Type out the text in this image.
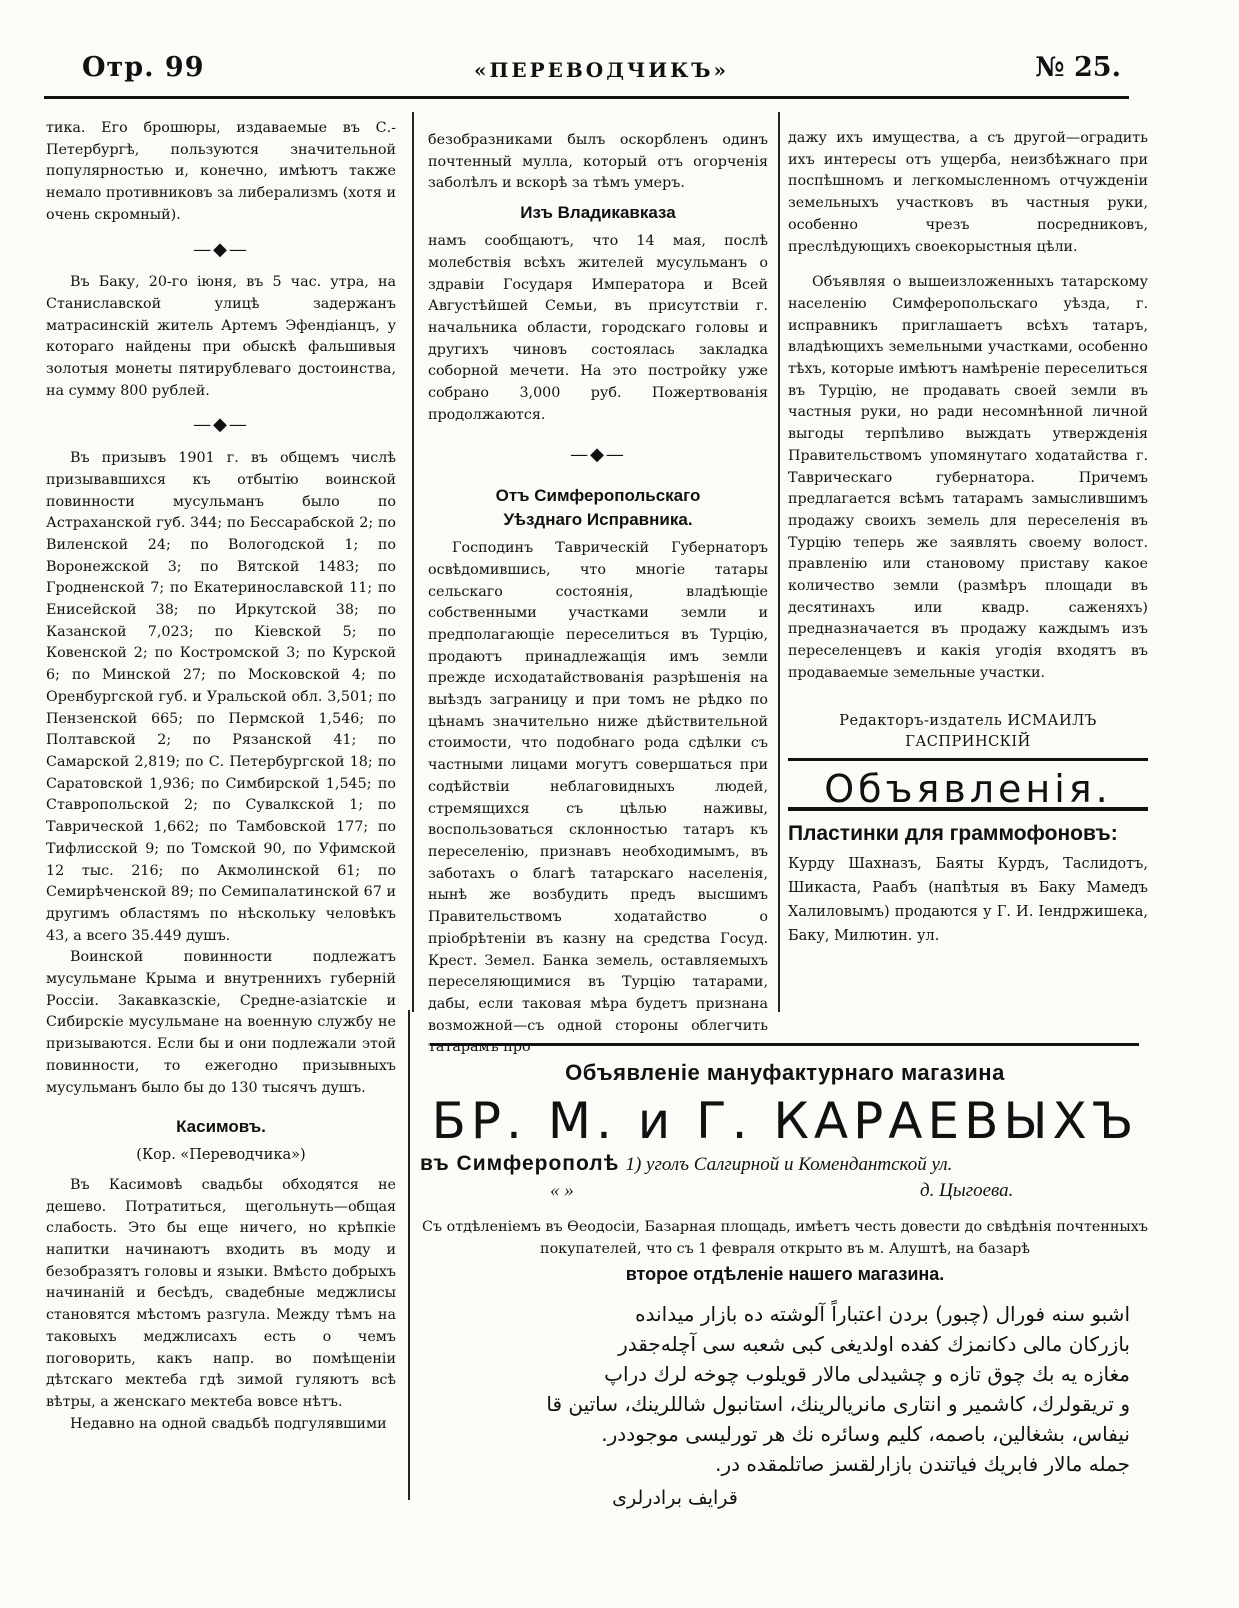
Отр. 99	«ПЕРЕВОДЧИКЪ»	№ 25.

тика. Его брошюры, издаваемые въ С.-Петербургѣ, пользуются значительной популярностью и, конечно, имѣютъ также немало противниковъ за либерализмъ (хотя и очень скромный).

—◆—

Въ Баку, 20-го іюня, въ 5 час. утра, на Станиславской улицѣ задержанъ матрасинскій житель Артемъ Эфендіанцъ, у котораго найдены при обыскѣ фальшивыя золотыя монеты пятирублеваго достоинства, на сумму 800 рублей.

—◆—

Въ призывъ 1901 г. въ общемъ числѣ призывавшихся къ отбытію воинской повинности мусульманъ было по Астраханской губ. 344; по Бессарабской 2; по Виленской 24; по Вологодской 1; по Воронежской 3; по Вятской 1483; по Гродненской 7; по Екатеринославской 11; по Енисейской 38; по Иркутской 38; по Казанской 7,023; по Кіевской 5; по Ковенской 2; по Костромской 3; по Курской 6; по Минской 27; по Московской 4; по Оренбургской губ. и Уральской обл. 3,501; по Пензенской 665; по Пермской 1,546; по Полтавской 2; по Рязанской 41; по Самарской 2,819; по С. Петербургской 18; по Саратовской 1,936; по Симбирской 1,545; по Ставропольской 2; по Сувалкской 1; по Таврической 1,662; по Тамбовской 177; по Тифлисской 9; по Томской 90, по Уфимской 12 тыс. 216; по Акмолинской 61; по Семирѣченской 89; по Семипалатинской 67 и другимъ областямъ по нѣскольку человѣкъ 43, а всего 35.449 душъ.

Воинской повинности подлежатъ мусульмане Крыма и внутреннихъ губерній Россіи. Закавказскіе, Средне-азіатскіе и Сибирскіе мусульмане на военную службу не призываются. Если бы и они подлежали этой повинности, то ежегодно призывныхъ мусульманъ было бы до 130 тысячъ душъ.

Касимовъ.
(Кор. «Переводчика»)

Въ Касимовѣ свадьбы обходятся не дешево. Потратиться, щегольнуть—общая слабость. Это бы еще ничего, но крѣпкіе напитки начинаютъ входить въ моду и безобразятъ головы и языки. Вмѣсто добрыхъ начинаній и бесѣдъ, свадебные меджлисы становятся мѣстомъ разгула. Между тѣмъ на таковыхъ меджлисахъ есть о чемъ поговорить, какъ напр. во помѣщеніи дѣтскаго мектеба гдѣ зимой гуляютъ всѣ вѣтры, а женскаго мектеба вовсе нѣтъ.

Недавно на одной свадьбѣ подгулявшими

безобразниками былъ оскорбленъ одинъ почтенный мулла, который отъ огорченія заболѣлъ и вскорѣ за тѣмъ умеръ.

Изъ Владикавказа

намъ сообщаютъ, что 14 мая, послѣ молебствія всѣхъ жителей мусульманъ о здравіи Государя Императора и Всей Августѣйшей Семьи, въ присутствіи г. начальника области, городскаго головы и другихъ чиновъ состоялась закладка соборной мечети. На это постройку уже собрано 3,000 руб. Пожертвованія продолжаются.

—◆—
Отъ Симферопольскаго Уѣзднаго Исправника.

Господинъ Таврическій Губернаторъ освѣдомившись, что многіе татары сельскаго состоянія, владѣющіе собственными участками земли и предполагающіе переселиться въ Турцію, продаютъ принадлежащія имъ земли прежде исходатайствованія разрѣшенія на выѣздъ заграницу и при томъ не рѣдко по цѣнамъ значительно ниже дѣйствительной стоимости, что подобнаго рода сдѣлки съ частными лицами могутъ совершаться при содѣйствіи неблаговидныхъ людей, стремящихся съ цѣлью наживы, воспользоваться склонностью татаръ къ переселенію, признавъ необходимымъ, въ заботахъ о благѣ татарскаго населенія, нынѣ же возбудить предъ высшимъ Правительствомъ ходатайство о пріобрѣтеніи въ казну на средства Госуд. Крест. Земел. Банка земель, оставляемыхъ переселяющимися въ Турцію татарами, дабы, если таковая мѣра будетъ признана возможной—съ одной стороны облегчить татарамъ про

дажу ихъ имущества, а съ другой—оградить ихъ интересы отъ ущерба, неизбѣжнаго при поспѣшномъ и легкомысленномъ отчужденіи земельныхъ участковъ въ частныя руки, особенно чрезъ посредниковъ, преслѣдующихъ своекорыстныя цѣли.

Объявляя о вышеизложенныхъ татарскому населенію Симферопольскаго уѣзда, г. исправникъ приглашаетъ всѣхъ татаръ, владѣющихъ земельными участками, особенно тѣхъ, которые имѣютъ намѣреніе переселиться въ Турцію, не продавать своей земли въ частныя руки, но ради несомнѣнной личной выгоды терпѣливо выждать утвержденія Правительствомъ упомянутаго ходатайства г. Таврическаго губернатора. Причемъ предлагается всѣмъ татарамъ замыслившимъ продажу своихъ земель для переселенія въ Турцію теперь же заявлять своему волост. правленію или становому приставу какое количество земли (размѣръ площади въ десятинахъ или квадр. саженяхъ) предназначается въ продажу каждымъ изъ переселенцевъ и какія угодія входятъ въ продаваемые земельные участки.

Редакторъ-издатель ИСМАИЛЪ ГАСПРИНСКІЙ
Объявленія.
Пластинки для граммофоновъ:
Курду Шахназъ, Баяты Курдъ, Таслидотъ, Шикаста, Раабъ (напѣтыя въ Баку Мамедъ Халиловымъ) продаются у Г. И. Іендржишека, Баку, Милютин. ул.
Объявленіе мануфактурнаго магазина
БР. М. и Г. КАРАЕВЫХЪ
въ Симферополѣ 1) уголъ Салгирной и Комендантской ул.
« »	д. Цыгоева.
Съ отдѣленіемъ въ Ѳеодосіи, Базарная площадь, имѣетъ честь довести до свѣдѣнія почтенныхъ покупателей, что съ 1 февраля открыто въ м. Алуштѣ, на базарѣ
второе отдѣленіе нашего магазина.
اشبو سنه فورال (چبور) بردن اعتباراً آلوشته ده بازار میدانده
بازرکان مالی دکانمزك کفده اولدیغی کبی شعبه سی آچلەجقدر
مغازه یه بك چوق تازه و چشیدلی مالار قویلوب چوخه لرك دراپ
و تریقولرك، کاشمیر و انتاری مانریالرینك، استانبول شاللرینك، ساتین قا
نیفاس، بشغالین، باصمه، کلیم وسائره نك هر تورلیسی موجوددر.
جمله مالار فابریك فیاتندن بازارلقسز صاتلمقده در.
قرایف برادرلری
